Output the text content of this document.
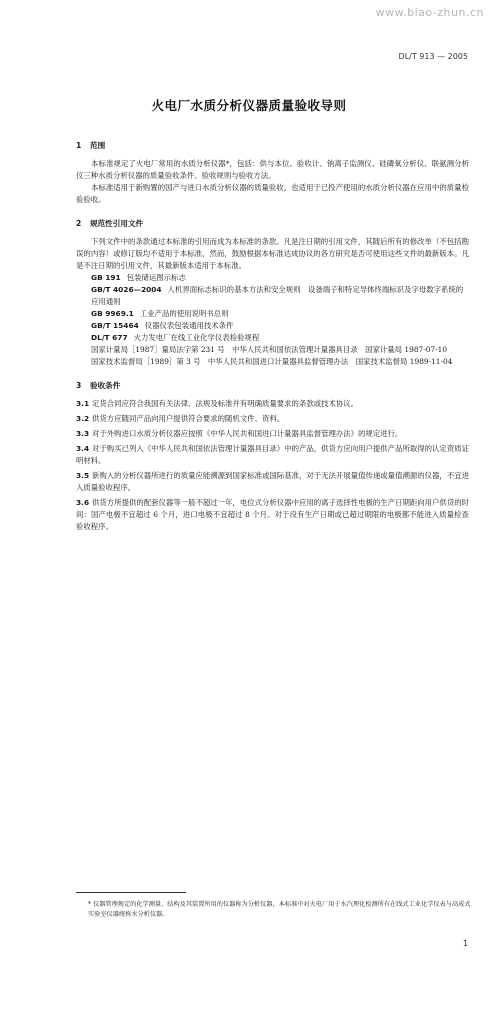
www.biao-zhun.cn
DL/T 913 — 2005
火电厂水质分析仪器质量验收导则
1 范围

本标准规定了火电厂常用的水质分析仪器*，包括：供与本位、验收计、钠离子监测仪、硅磷氧分析仪、联氨测分析仪三种水质分析仪器的质量验收条件、验收规则与验收方法。

本标准适用于新购置的国产与进口水质分析仪器的质量验收，也适用于已投产使用的水质分析仪器在应用中的质量检验验收。

2 规范性引用文件

下列文件中的条款通过本标准的引用而成为本标准的条款。凡是注日期的引用文件，其随后所有的修改单（不包括勘误的内容）或修订版均不适用于本标准，然而，鼓励根据本标准达成协议的各方研究是否可使用这些文件的最新版本。凡是不注日期的引用文件，其最新版本适用于本标准。

GB 191 包装储运图示标志

GB/T 4026—2004 人机界面标志标识的基本方法和安全规则　设备端子和特定导体终端标识及字母数字系统的应用通则

GB 9969.1 工业产品的使用说明书总则

GB/T 15464 仪器仪表包装通用技术条件

DL/T 677 火力发电厂在线工业化学仪表检验规程

国家计量局［1987］量局法字第 231 号　中华人民共和国依法管理计量器具目录　国家计量局 1987-07-10

国家技术监督局［1989］第 3 号　中华人民共和国进口计量器具监督管理办法　国家技术监督局 1989-11-04

3 验收条件

3.1 定货合同应符合我国有关法律、法规及标准并有明确质量要求的条款或技术协议。

3.2 供货方应随同产品向用户提供符合要求的随机文件、资料。

3.3 对于外购进口水质分析仪器应按照《中华人民共和国进口计量器具监督管理办法》的规定进行。

3.4 对于购买已列入《中华人民共和国依法管理计量器具目录》中的产品，供货方应向用户提供产品所取得的认定资质证明材料。

3.5 新购入的分析仪器所进行的质量应能溯源到国家标准或国际基准，对于无法开展量值传递或量值溯源的仪器，不宜进入质量验收程序。

3.6 供货方所提供的配套仪器等一般不超过一年，电位式分析仪器中应用的离子选择性电极的生产日期距向用户供货的时间：国产电极不宜超过 6 个月，进口电极不宜超过 8 个月。对于没有生产日期或已超过期限的电极都不能进入质量检查验收程序。

* 仪器管理规定的化学测量、结构及其装置所用的仪器称为分析仪器，本标准中对火电厂用于水汽理化检测所有在线式工业化学仪表与高成式实验室仪器统称水分析仪器。
1
